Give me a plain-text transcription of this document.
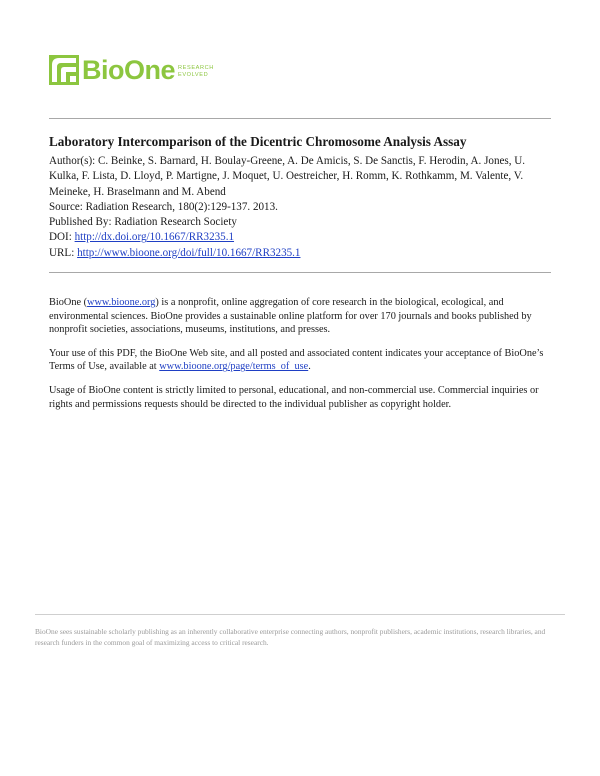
BioOne RESEARCH
EVOLVED
Laboratory Intercomparison of the Dicentric Chromosome Analysis Assay

Author(s): C. Beinke, S. Barnard, H. Boulay-Greene, A. De Amicis, S. De Sanctis, F. Herodin, A. Jones, U. Kulka, F. Lista, D. Lloyd, P. Martigne, J. Moquet, U. Oestreicher, H. Romm, K. Rothkamm, M. Valente, V. Meineke, H. Braselmann and M. Abend

Source: Radiation Research, 180(2):129-137. 2013.

Published By: Radiation Research Society

DOI: http://dx.doi.org/10.1667/RR3235.1

URL: http://www.bioone.org/doi/full/10.1667/RR3235.1

BioOne (www.bioone.org) is a nonprofit, online aggregation of core research in the biological, ecological, and environmental sciences. BioOne provides a sustainable online platform for over 170 journals and books published by nonprofit societies, associations, museums, institutions, and presses.

Your use of this PDF, the BioOne Web site, and all posted and associated content indicates your acceptance of BioOne’s Terms of Use, available at www.bioone.org/page/terms_of_use.

Usage of BioOne content is strictly limited to personal, educational, and non-commercial use. Commercial inquiries or rights and permissions requests should be directed to the individual publisher as copyright holder.

BioOne sees sustainable scholarly publishing as an inherently collaborative enterprise connecting authors, nonprofit publishers, academic institutions, research libraries, and research funders in the common goal of maximizing access to critical research.
